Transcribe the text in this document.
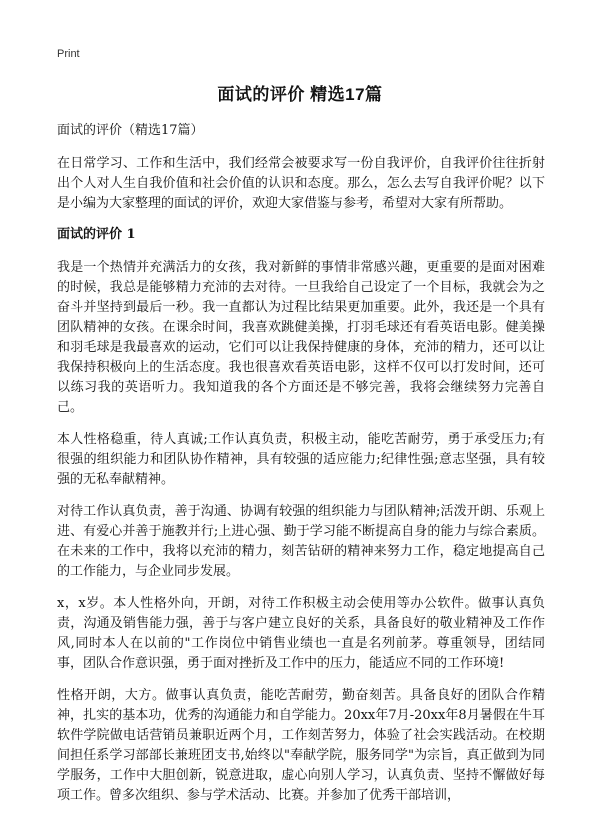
Print
面试的评价 精选17篇
面试的评价（精选17篇）

在日常学习、工作和生活中，我们经常会被要求写一份自我评价，自我评价往往折射出个人对人生自我价值和社会价值的认识和态度。那么，怎么去写自我评价呢？以下是小编为大家整理的面试的评价，欢迎大家借鉴与参考，希望对大家有所帮助。

面试的评价 1

我是一个热情并充满活力的女孩，我对新鲜的事情非常感兴趣，更重要的是面对困难的时候，我总是能够精力充沛的去对待。一旦我给自己设定了一个目标，我就会为之奋斗并坚持到最后一秒。我一直都认为过程比结果更加重要。此外，我还是一个具有团队精神的女孩。在课余时间，我喜欢跳健美操，打羽毛球还有看英语电影。健美操和羽毛球是我最喜欢的运动，它们可以让我保持健康的身体，充沛的精力，还可以让我保持积极向上的生活态度。我也很喜欢看英语电影，这样不仅可以打发时间，还可以练习我的英语听力。我知道我的各个方面还是不够完善，我将会继续努力完善自己。

本人性格稳重，待人真诚;工作认真负责，积极主动，能吃苦耐劳，勇于承受压力;有很强的组织能力和团队协作精神，具有较强的适应能力;纪律性强;意志坚强，具有较强的无私奉献精神。

对待工作认真负责，善于沟通、协调有较强的组织能力与团队精神;活泼开朗、乐观上进、有爱心并善于施教并行;上进心强、勤于学习能不断提高自身的能力与综合素质。在未来的工作中，我将以充沛的精力，刻苦钻研的精神来努力工作，稳定地提高自己的工作能力，与企业同步发展。

x，x岁。本人性格外向，开朗，对待工作积极主动会使用等办公软件。做事认真负责，沟通及销售能力强，善于与客户建立良好的关系，具备良好的敬业精神及工作作风,同时本人在以前的"工作岗位中销售业绩也一直是名列前茅。尊重领导，团结同事，团队合作意识强，勇于面对挫折及工作中的压力，能适应不同的工作环境!

性格开朗，大方。做事认真负责，能吃苦耐劳，勤奋刻苦。具备良好的团队合作精神，扎实的基本功，优秀的沟通能力和自学能力。20xx年7月-20xx年8月暑假在牛耳软件学院做电话营销员兼职近两个月，工作刻苦努力，体验了社会实践活动。在校期间担任系学习部部长兼班团支书,始终以"奉献学院，服务同学"为宗旨，真正做到为同学服务，工作中大胆创新，锐意进取，虚心向别人学习，认真负责、坚持不懈做好每项工作。曾多次组织、参与学术活动、比赛。并参加了优秀干部培训，
